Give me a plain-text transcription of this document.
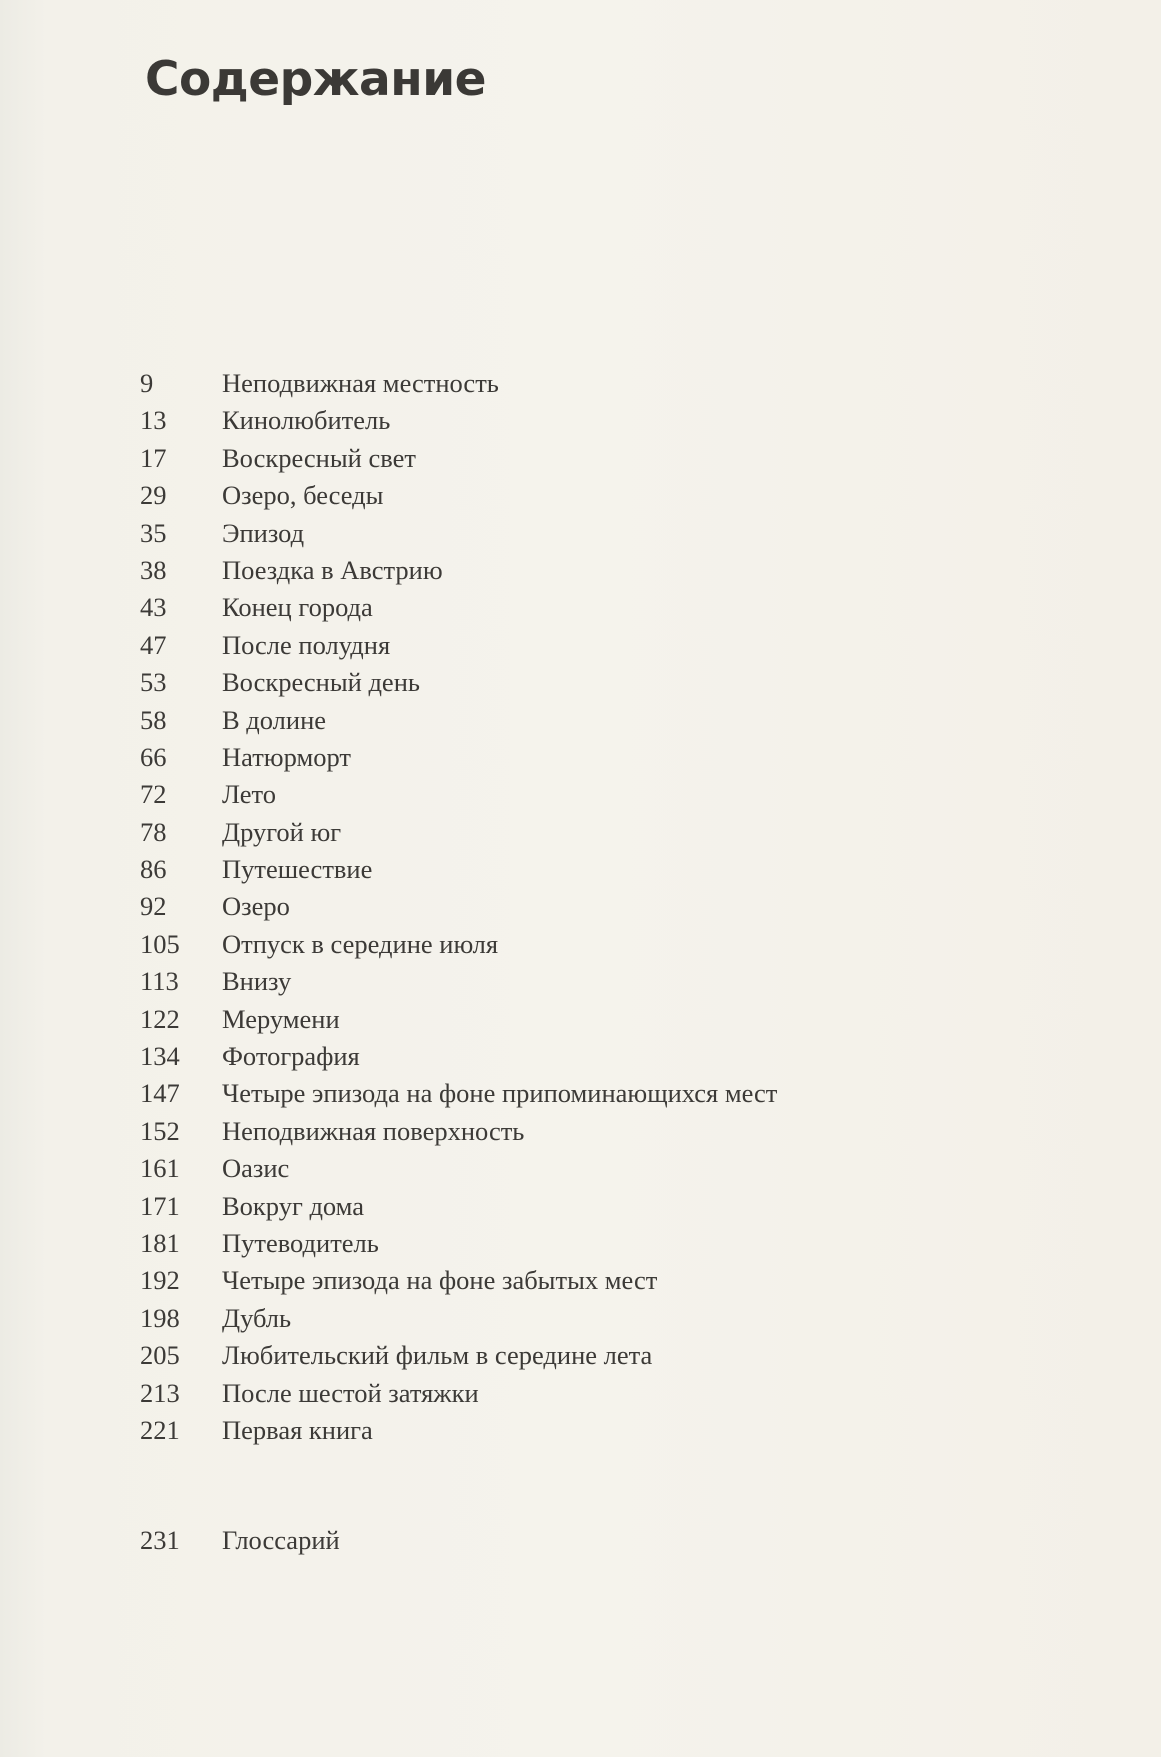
Содержание
9	Неподвижная местность
13	Кинолюбитель
17	Воскресный свет
29	Озеро, беседы
35	Эпизод
38	Поездка в Австрию
43	Конец города
47	После полудня
53	Воскресный день
58	В долине
66	Натюрморт
72	Лето
78	Другой юг
86	Путешествие
92	Озеро
105	Отпуск в середине июля
113	Внизу
122	Мерумени
134	Фотография
147	Четыре эпизода на фоне припоминающихся мест
152	Неподвижная поверхность
161	Оазис
171	Вокруг дома
181	Путеводитель
192	Четыре эпизода на фоне забытых мест
198	Дубль
205	Любительский фильм в середине лета
213	После шестой затяжки
221	Первая книга
231	Глоссарий
